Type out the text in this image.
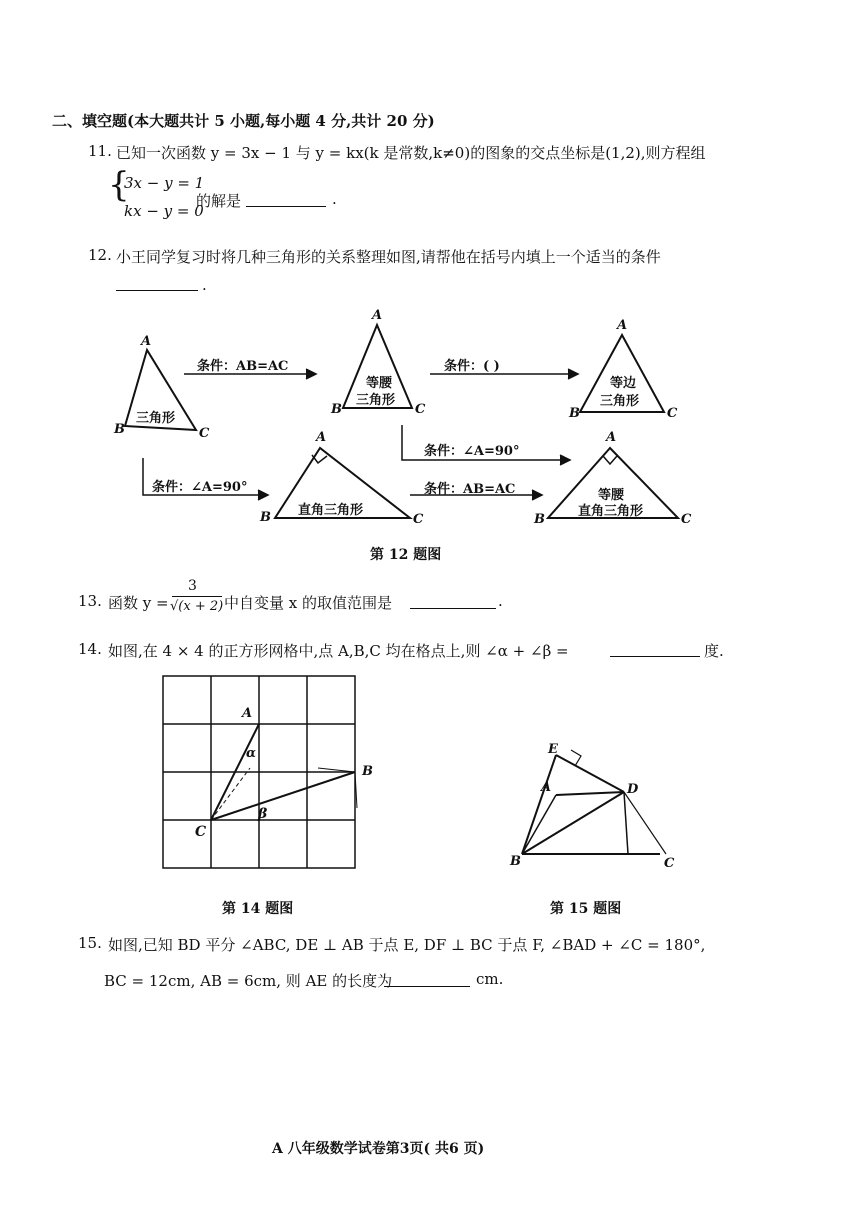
二、填空题(本大题共计 5 小题,每小题 4 分,共计 20 分)
11. 已知一次函数 y = 3x − 1 与 y = kx(k 是常数,k≠0)的图象的交点坐标是(1,2),则方程组
{
3x − y = 1
kx − y = 0
的解是	.
12. 小王同学复习时将几种三角形的关系整理如图,请帮他在括号内填上一个适当的条件
.
A
B	C
三角形
条件：AB=AC
A
B	C
等腰
三角形
条件：( )
A
B	C
等边
三角形
条件：∠A=90°
条件：∠A=90°	条件：AB=AC
A
B	C
直角三角形
A
B	C
等腰
直角三角形
第 12 题图
13. 函数 y =
3
√(x + 2) 中自变量 x 的取值范围是	.
14. 如图,在 4 × 4 的正方形网格中,点 A,B,C 均在格点上,则 ∠α + ∠β =	度.
A
B
C
α
β
第 14 题图
E
A	D
B	C
第 15 题图
15. 如图,已知 BD 平分 ∠ABC, DE ⊥ AB 于点 E, DF ⊥ BC 于点 F, ∠BAD + ∠C = 180°,
BC = 12cm, AB = 6cm, 则 AE 的长度为	cm.
A 八年级数学试卷第3页( 共6 页)
